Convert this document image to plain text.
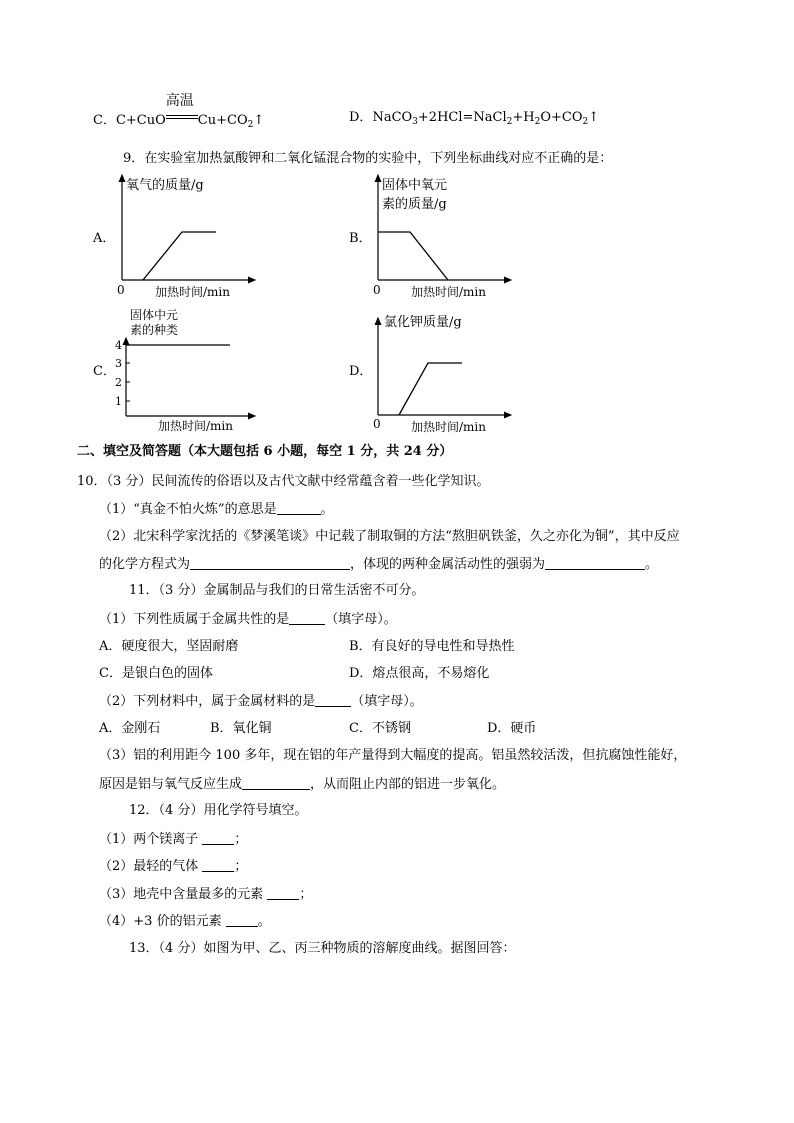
C．C+CuO
高温
$Cu+CO_2↑$	D．$NaCO_3+2HCl=NaCl_2+H_2O+CO_2↑$
9．在实验室加热氯酸钾和二氧化锰混合物的实验中，下列坐标曲线对应不正确的是：
A．
氧气的质量/g
0	加热时间/min
B．
固体中氧元
素的质量/g
0	加热时间/min
C．
固体中元
素的种类
4
3
2
1
加热时间/min
D．
氯化钾质量/g
0	加热时间/min
二、填空及简答题（本大题包括 6 小题，每空 1 分，共 24 分）
10．（3 分）民间流传的俗语以及古代文献中经常蕴含着一些化学知识。
（1）“真金不怕火炼”的意思是	。
（2）北宋科学家沈括的《梦溪笔谈》中记载了制取铜的方法“熬胆矾铁釜，久之亦化为铜”，其中反应
的化学方程式为	，体现的两种金属活动性的强弱为	。
11．（3 分）金属制品与我们的日常生活密不可分。
（1）下列性质属于金属共性的是	（填字母）。
A．硬度很大，坚固耐磨	B．有良好的导电性和导热性
C．是银白色的固体	D．熔点很高，不易熔化
（2）下列材料中，属于金属材料的是	（填字母）。
A．金刚石	B．氧化铜	C．不锈钢	D．硬币
（3）铝的利用距今 100 多年，现在铝的年产量得到大幅度的提高。铝虽然较活泼，但抗腐蚀性能好，
原因是铝与氧气反应生成	，从而阻止内部的铝进一步氧化。
12．（4 分）用化学符号填空。
（1）两个镁离子 ；
（2）最轻的气体 ；
（3）地壳中含量最多的元素 ；
（4）+3 价的铝元素 。
13．（4 分）如图为甲、乙、丙三种物质的溶解度曲线。据图回答：
